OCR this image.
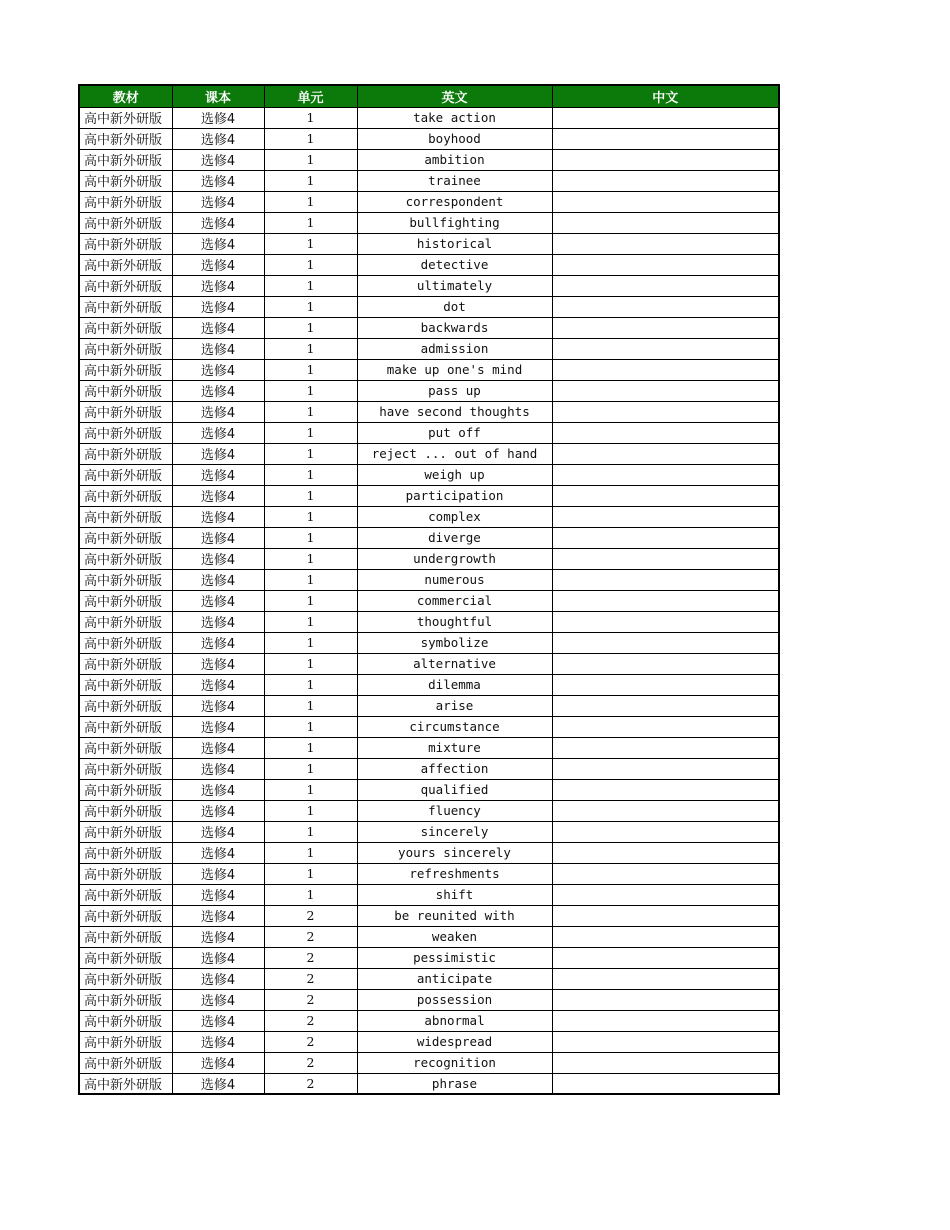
教材	课本	单元	英文	中文
高中新外研版	选修4	1	take action	
高中新外研版	选修4	1	boyhood	
高中新外研版	选修4	1	ambition	
高中新外研版	选修4	1	trainee	
高中新外研版	选修4	1	correspondent	
高中新外研版	选修4	1	bullfighting	
高中新外研版	选修4	1	historical	
高中新外研版	选修4	1	detective	
高中新外研版	选修4	1	ultimately	
高中新外研版	选修4	1	dot	
高中新外研版	选修4	1	backwards	
高中新外研版	选修4	1	admission	
高中新外研版	选修4	1	make up one's mind	
高中新外研版	选修4	1	pass up	
高中新外研版	选修4	1	have second thoughts	
高中新外研版	选修4	1	put off	
高中新外研版	选修4	1	reject ... out of hand	
高中新外研版	选修4	1	weigh up	
高中新外研版	选修4	1	participation	
高中新外研版	选修4	1	complex	
高中新外研版	选修4	1	diverge	
高中新外研版	选修4	1	undergrowth	
高中新外研版	选修4	1	numerous	
高中新外研版	选修4	1	commercial	
高中新外研版	选修4	1	thoughtful	
高中新外研版	选修4	1	symbolize	
高中新外研版	选修4	1	alternative	
高中新外研版	选修4	1	dilemma	
高中新外研版	选修4	1	arise	
高中新外研版	选修4	1	circumstance	
高中新外研版	选修4	1	mixture	
高中新外研版	选修4	1	affection	
高中新外研版	选修4	1	qualified	
高中新外研版	选修4	1	fluency	
高中新外研版	选修4	1	sincerely	
高中新外研版	选修4	1	yours sincerely	
高中新外研版	选修4	1	refreshments	
高中新外研版	选修4	1	shift	
高中新外研版	选修4	2	be reunited with	
高中新外研版	选修4	2	weaken	
高中新外研版	选修4	2	pessimistic	
高中新外研版	选修4	2	anticipate	
高中新外研版	选修4	2	possession	
高中新外研版	选修4	2	abnormal	
高中新外研版	选修4	2	widespread	
高中新外研版	选修4	2	recognition	
高中新外研版	选修4	2	phrase	
